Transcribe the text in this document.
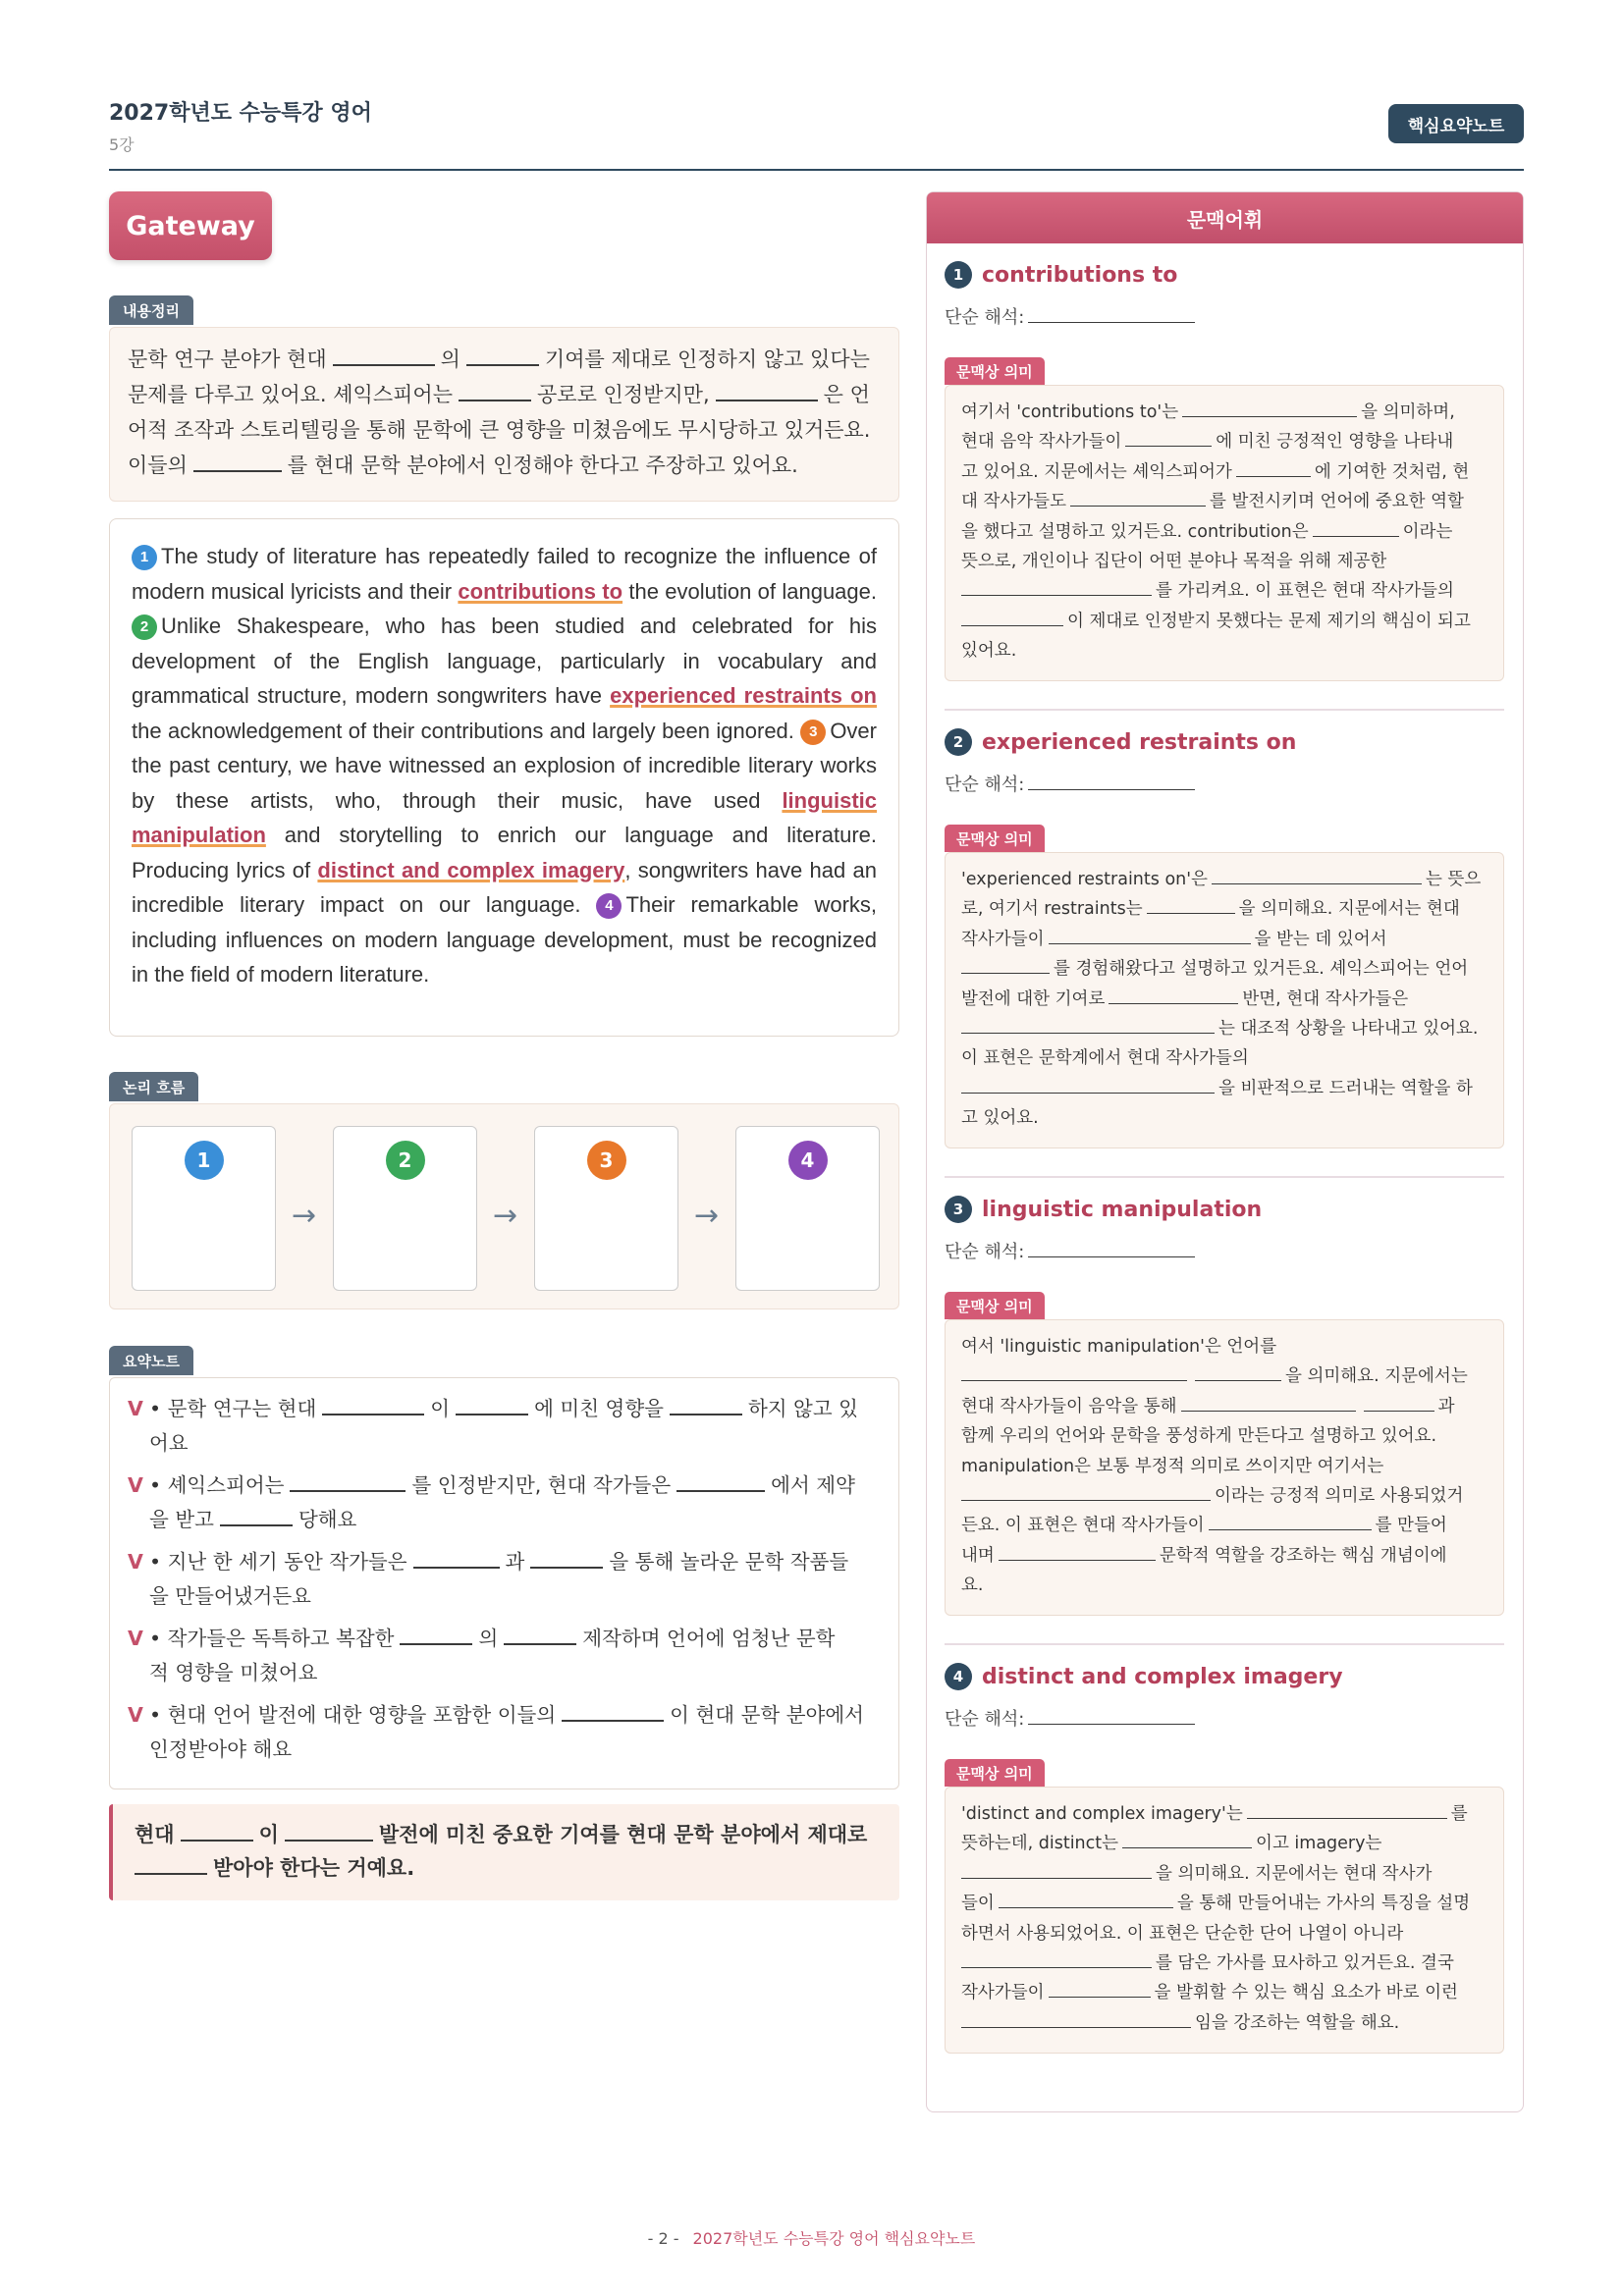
2027학년도 수능특강 영어
5강
핵심요약노트
Gateway
내용정리
문학 연구 분야가 현대	의	기여를 제대로 인정하지 않고 있다는
문제를 다루고 있어요. 셰익스피어는	공로로 인정받지만,	은 언
어적 조작과 스토리텔링을 통해 문학에 큰 영향을 미쳤음에도 무시당하고 있거든요.
이들의	를 현대 문학 분야에서 인정해야 한다고 주장하고 있어요.
1 The study of literature has repeatedly failed to recognize the influence of modern musical lyricists and their contributions to the evolution of language. 2 Unlike Shakespeare, who has been studied and celebrated for his development of the English language, particularly in vocabulary and grammatical structure, modern songwriters have experienced restraints on the acknowledgement of their contributions and largely been ignored. 3 Over the past century, we have witnessed an explosion of incredible literary works by these artists, who, through their music, have used linguistic manipulation and storytelling to enrich our language and literature. Producing lyrics of distinct and complex imagery, songwriters have had an incredible literary impact on our language. 4 Their remarkable works, including influences on modern language development, must be recognized in the field of modern literature.
논리 흐름
1
→
2
→
3
→
4
요약노트
V • 문학 연구는 현대	이	에 미친 영향을	하지 않고 있
어요
V • 셰익스피어는	를 인정받지만, 현대 작가들은	에서 제약
을 받고	당해요
V • 지난 한 세기 동안 작가들은	과	을 통해 놀라운 문학 작품들
을 만들어냈거든요
V • 작가들은 독특하고 복잡한	의	제작하며 언어에 엄청난 문학
적 영향을 미쳤어요
V • 현대 언어 발전에 대한 영향을 포함한 이들의	이 현대 문학 분야에서
인정받아야 해요
현대	이	발전에 미친 중요한 기여를 현대 문학 분야에서 제대로
받아야 한다는 거예요.
문맥어휘
1 contributions to
단순 해석:
문맥상 의미
여기서 'contributions to'는	을 의미하며,
현대 음악 작사가들이	에 미친 긍정적인 영향을 나타내
고 있어요. 지문에서는 셰익스피어가	에 기여한 것처럼, 현
대 작사가들도	를 발전시키며 언어에 중요한 역할
을 했다고 설명하고 있거든요. contribution은	이라는
뜻으로, 개인이나 집단이 어떤 분야나 목적을 위해 제공한
를 가리켜요. 이 표현은 현대 작사가들의
이 제대로 인정받지 못했다는 문제 제기의 핵심이 되고
있어요.
2 experienced restraints on
단순 해석:
문맥상 의미
'experienced restraints on'은	는 뜻으
로, 여기서 restraints는	을 의미해요. 지문에서는 현대
작사가들이	을 받는 데 있어서
를 경험해왔다고 설명하고 있거든요. 셰익스피어는 언어
발전에 대한 기여로	반면, 현대 작사가들은
는 대조적 상황을 나타내고 있어요.
이 표현은 문학계에서 현대 작사가들의
을 비판적으로 드러내는 역할을 하
고 있어요.
3 linguistic manipulation
단순 해석:
문맥상 의미
여서 'linguistic manipulation'은 언어를
을 의미해요. 지문에서는
현대 작사가들이 음악을 통해	과
함께 우리의 언어와 문학을 풍성하게 만든다고 설명하고 있어요.
manipulation은 보통 부정적 의미로 쓰이지만 여기서는
이라는 긍정적 의미로 사용되었거
든요. 이 표현은 현대 작사가들이	를 만들어
내며	문학적 역할을 강조하는 핵심 개념이에
요.
4 distinct and complex imagery
단순 해석:
문맥상 의미
'distinct and complex imagery'는	를
뜻하는데, distinct는	이고 imagery는
을 의미해요. 지문에서는 현대 작사가
들이	을 통해 만들어내는 가사의 특징을 설명
하면서 사용되었어요. 이 표현은 단순한 단어 나열이 아니라
를 담은 가사를 묘사하고 있거든요. 결국
작사가들이	을 발휘할 수 있는 핵심 요소가 바로 이런
임을 강조하는 역할을 해요.
- 2 - 2027학년도 수능특강 영어 핵심요약노트
